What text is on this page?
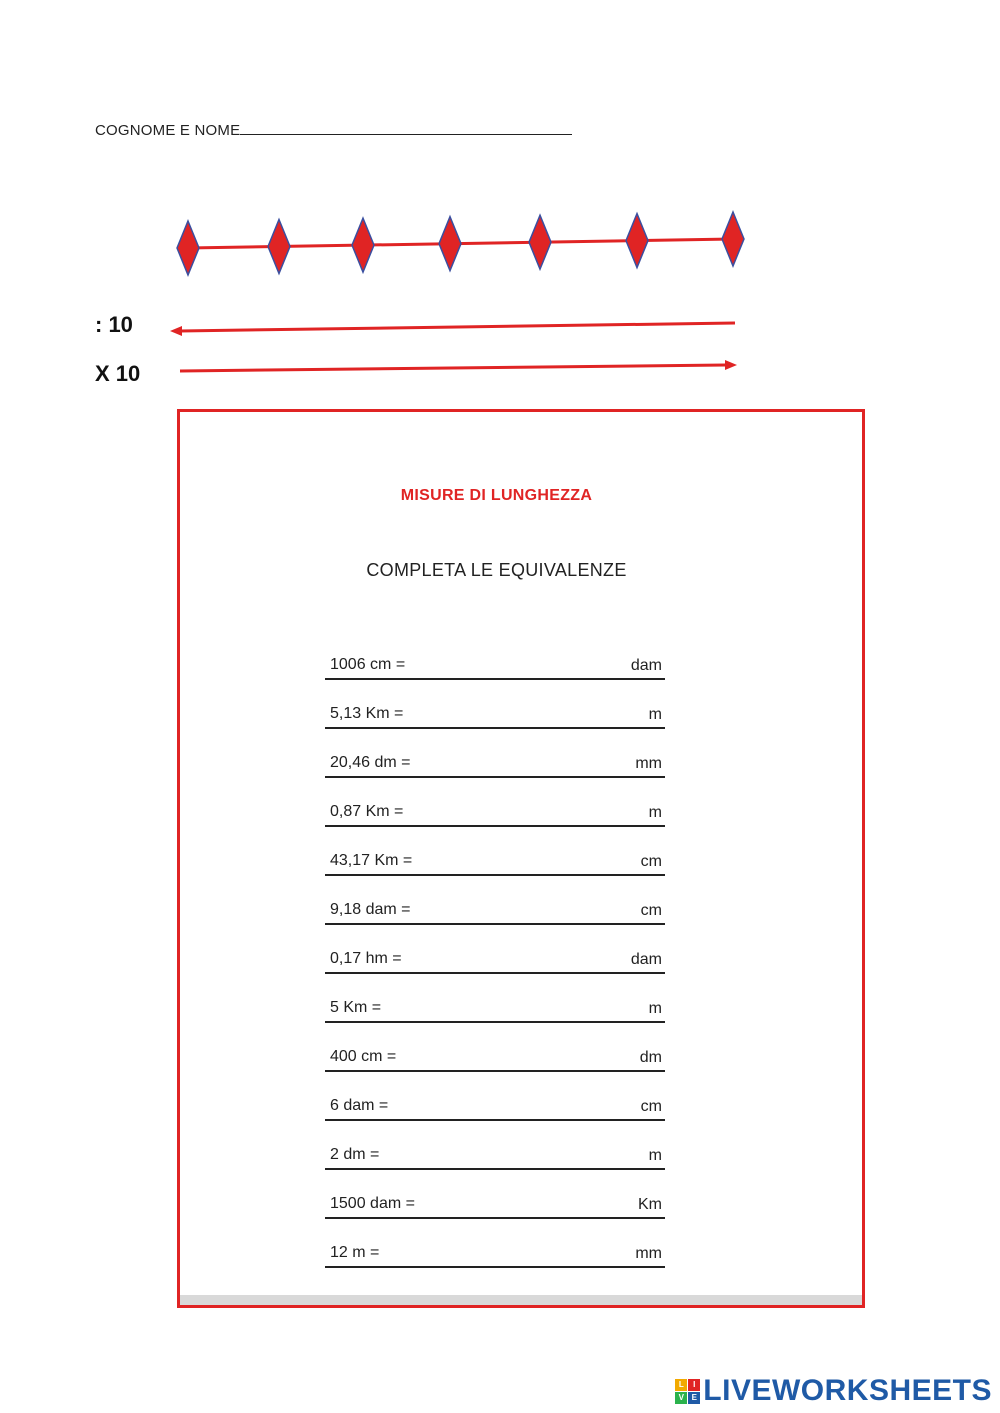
COGNOME E NOME
: 10
X 10
MISURE DI LUNGHEZZA
COMPLETA LE EQUIVALENZE
1006 cm =	dam
5,13 Km =	m
20,46 dm =	mm
0,87 Km =	m
43,17 Km =	cm
9,18 dam =	cm
0,17 hm =	dam
5 Km =	m
400 cm =	dm
6 dam =	cm
2 dm =	m
1500 dam =	Km
12 m =	mm
L	I
V E LIVEWORKSHEETS
